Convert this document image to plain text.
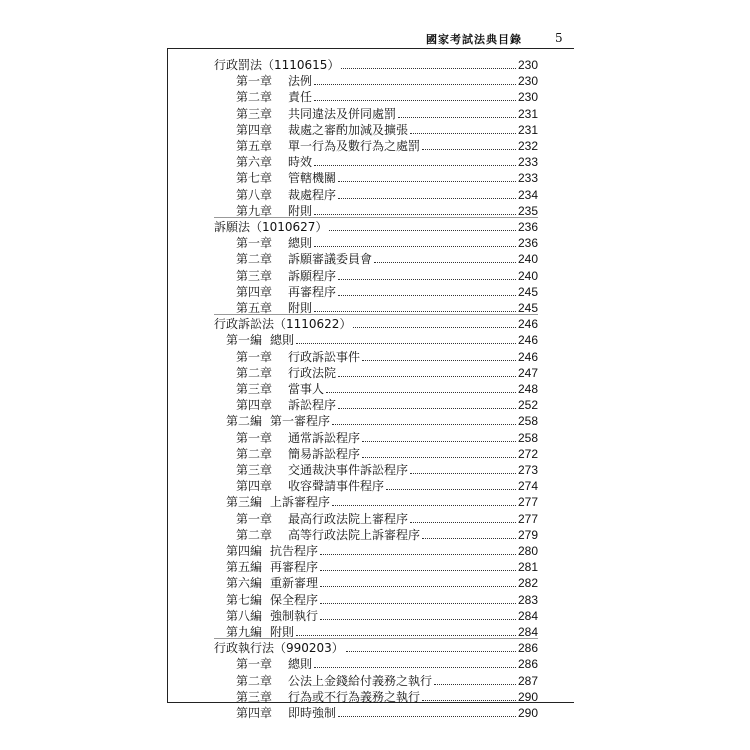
國家考試法典目錄	5
行政罰法（1110615）	230
第一章	法例	230
第二章	責任	230
第三章	共同違法及併同處罰	231
第四章	裁處之審酌加減及擴張	231
第五章	單一行為及數行為之處罰	232
第六章	時效	233
第七章	管轄機關	233
第八章	裁處程序	234
第九章	附則	235
訴願法（1010627）	236
第一章	總則	236
第二章	訴願審議委員會	240
第三章	訴願程序	240
第四章	再審程序	245
第五章	附則	245
行政訴訟法（1110622）	246
第一編 總則	246
第一章	行政訴訟事件	246
第二章	行政法院	247
第三章	當事人	248
第四章	訴訟程序	252
第二編 第一審程序	258
第一章	通常訴訟程序	258
第二章	簡易訴訟程序	272
第三章	交通裁決事件訴訟程序	273
第四章	收容聲請事件程序	274
第三編 上訴審程序	277
第一章	最高行政法院上審程序	277
第二章	高等行政法院上訴審程序	279
第四編 抗告程序	280
第五編 再審程序	281
第六編 重新審理	282
第七編 保全程序	283
第八編 強制執行	284
第九編 附則	284
行政執行法（990203）	286
第一章	總則	286
第二章	公法上金錢給付義務之執行	287
第三章	行為或不行為義務之執行	290
第四章	即時強制	290
